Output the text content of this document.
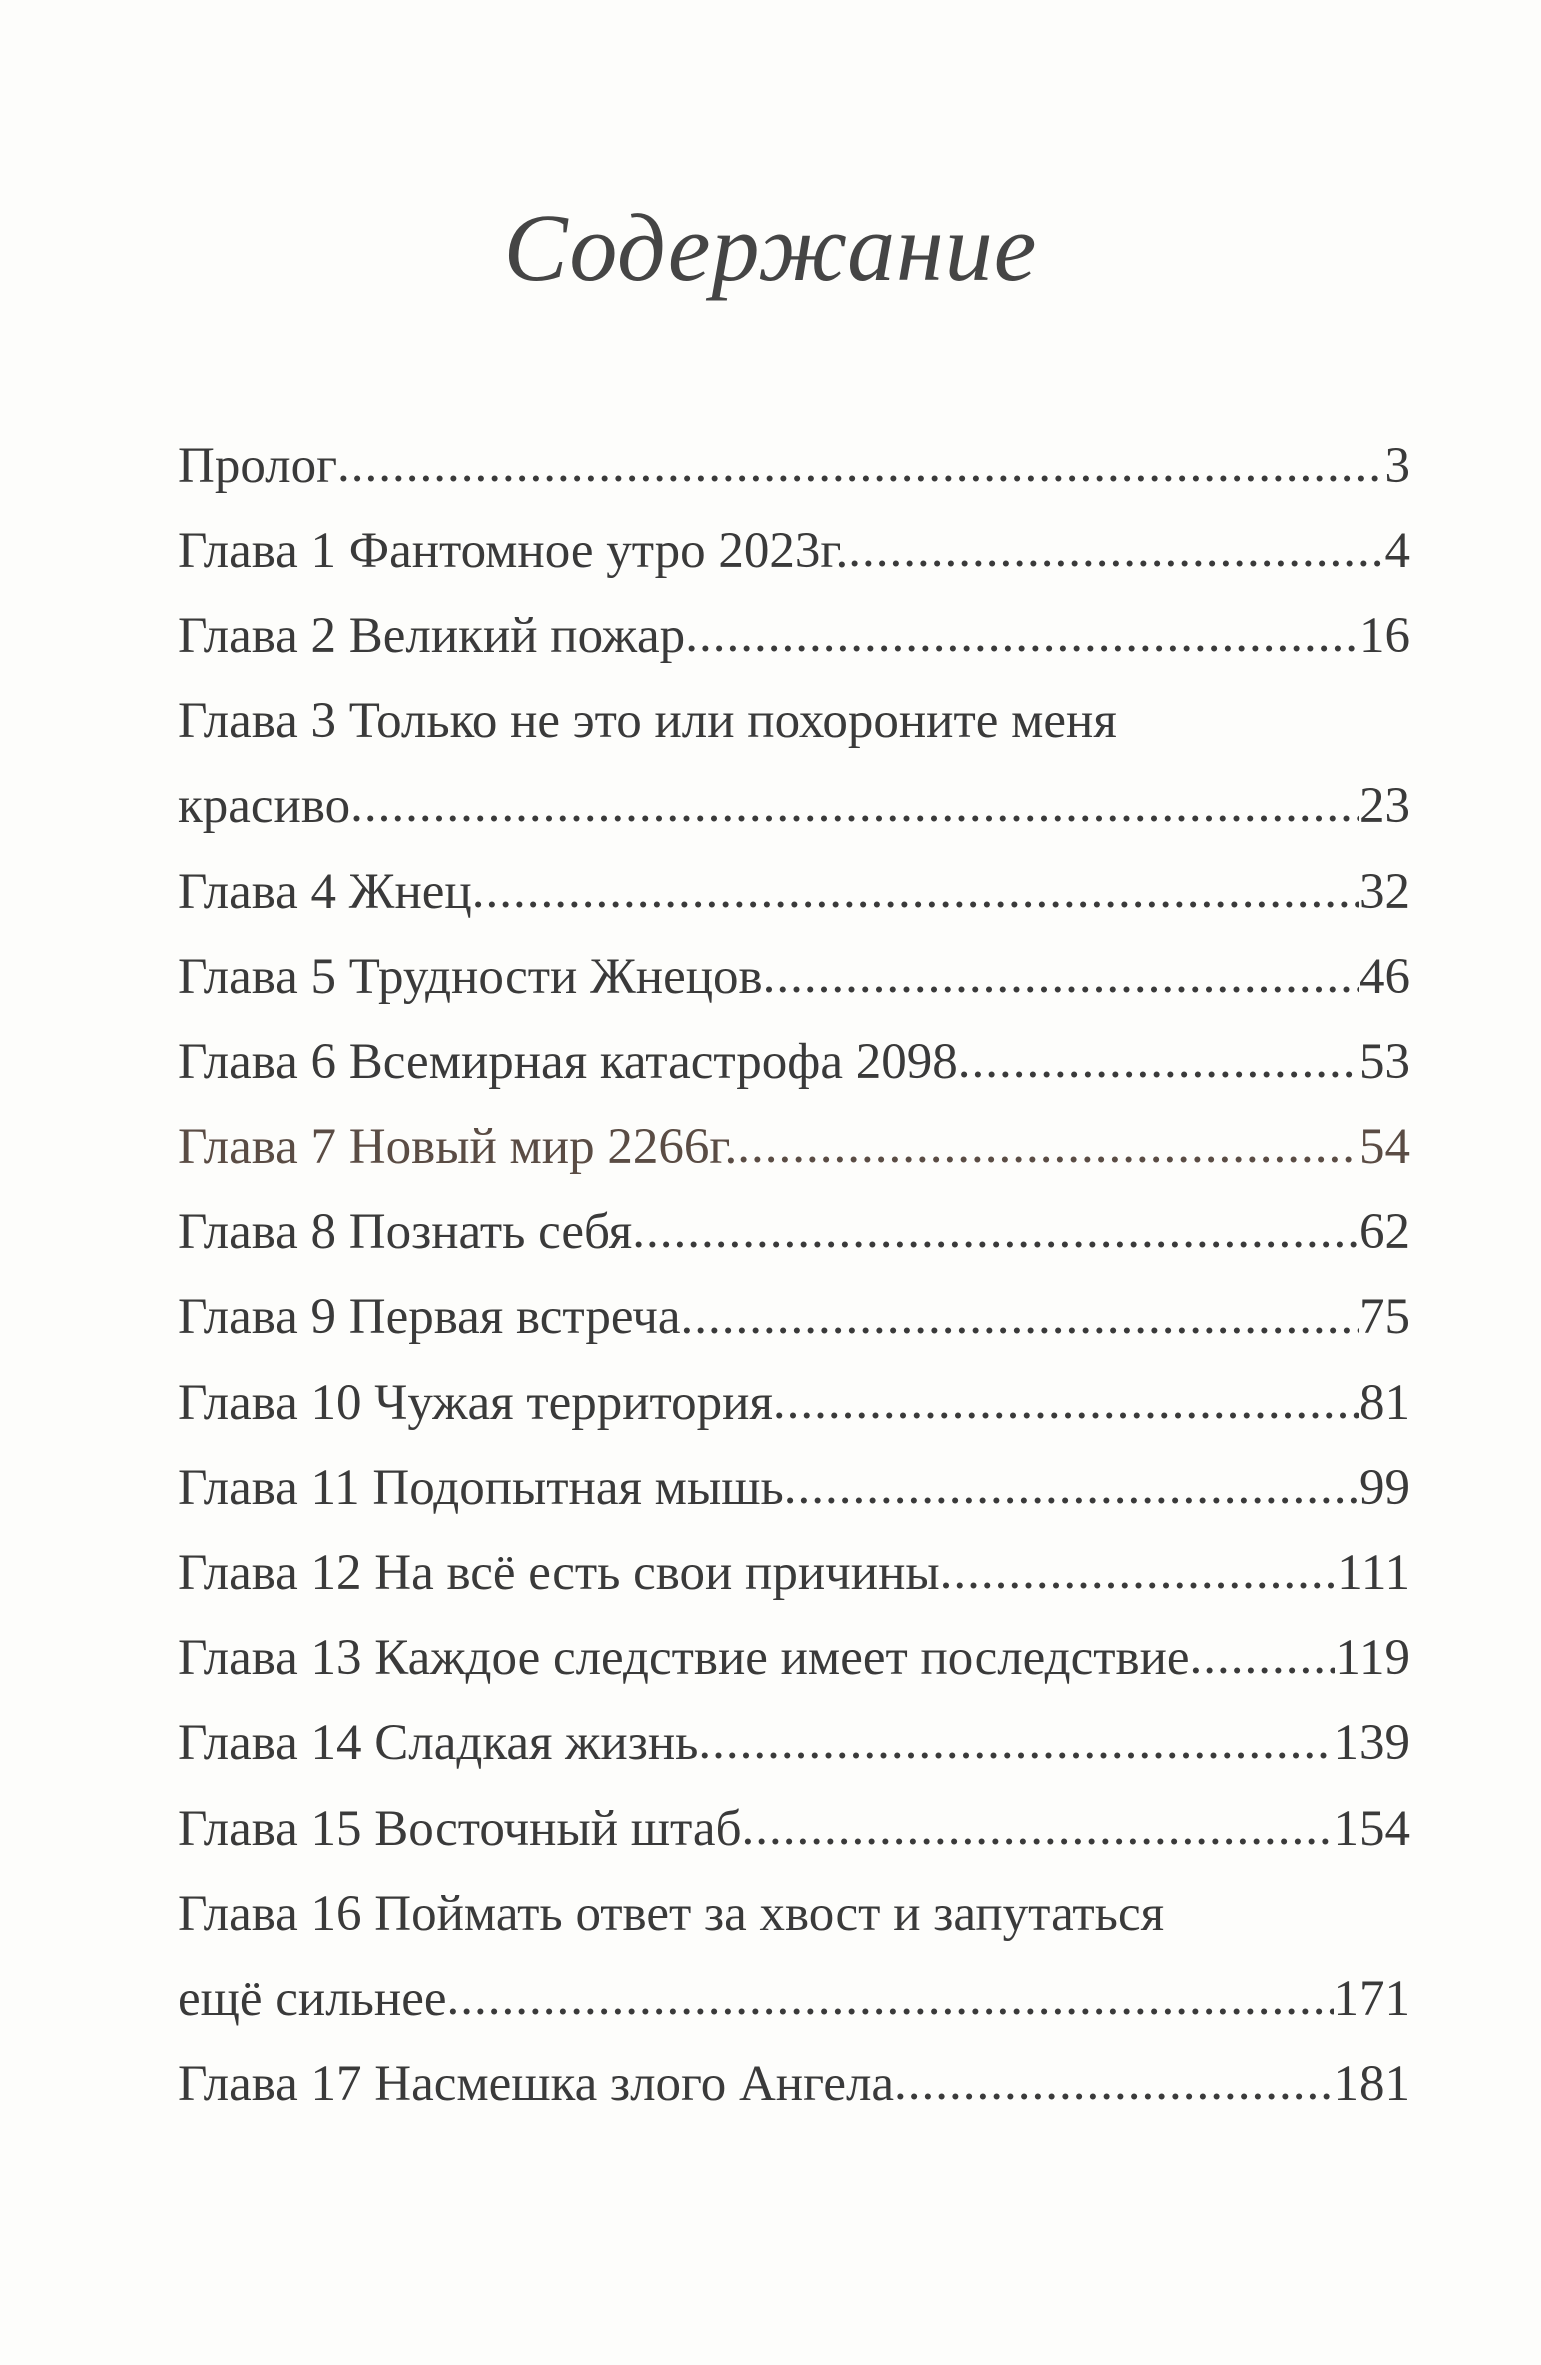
Содержание
Пролог .....	3
Глава 1 Фантомное утро 2023г. .....	4
Глава 2 Великий пожар .....	16
Глава 3 Только не это или похороните меня
красиво .....	23
Глава 4 Жнец .....	32
Глава 5 Трудности Жнецов .....	46
Глава 6 Всемирная катастрофа 2098 .....	53
Глава 7 Новый мир 2266г. .....	54
Глава 8 Познать себя .....	62
Глава 9 Первая встреча .....	75
Глава 10 Чужая территория .....	81
Глава 11 Подопытная мышь .....	99
Глава 12 На всё есть свои причины .....	111
Глава 13 Каждое следствие имеет последствие .....	119
Глава 14 Сладкая жизнь .....	139
Глава 15 Восточный штаб .....	154
Глава 16 Поймать ответ за хвост и запутаться
ещё сильнее .....	171
Глава 17 Насмешка злого Ангела .....	181
